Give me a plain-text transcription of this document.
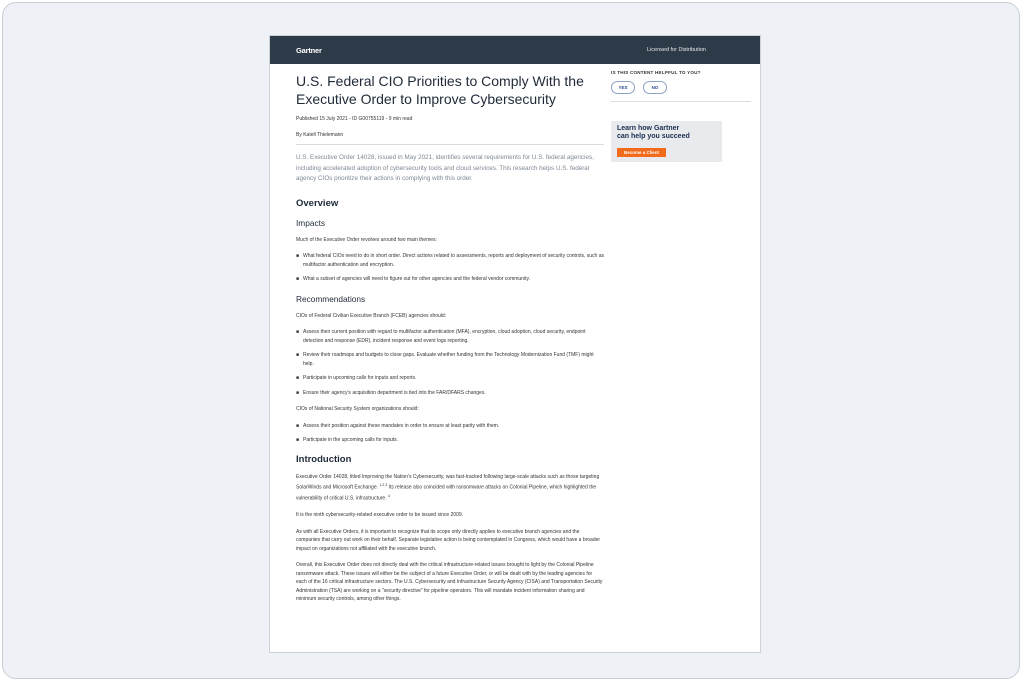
Gartner	Licensed for Distribution
U.S. Federal CIO Priorities to Comply With the Executive Order to Improve Cybersecurity
Published 15 July 2021 - ID G00755119 - 9 min read
By Katell Thielemann
U.S. Executive Order 14028, issued in May 2021, identifies several requirements for U.S. federal agencies, including accelerated adoption of cybersecurity tools and cloud services. This research helps U.S. federal agency CIOs prioritize their actions in complying with this order.
Overview
Impacts

Much of the Executive Order revolves around two main themes:

■ What federal CIOs need to do in short order. Direct actions related to assessments, reports and deployment of security controls, such as multifactor authentication and encryption.
■ What a subset of agencies will need to figure out for other agencies and the federal vendor community.
Recommendations

CIOs of Federal Civilian Executive Branch (FCEB) agencies should:

■ Assess their current position with regard to multifactor authentication (MFA), encryption, cloud adoption, cloud security, endpoint detection and response (EDR), incident response and event logs reporting.
■ Review their roadmaps and budgets to close gaps. Evaluate whether funding from the Technology Modernization Fund (TMF) might help.
■ Participate in upcoming calls for inputs and reports.
■ Ensure their agency's acquisition department is tied into the FAR/DFARS changes.

CIOs of National Security System organizations should:

■ Assess their position against these mandates in order to ensure at least parity with them.
■ Participate in the upcoming calls for inputs.
Introduction

Executive Order 14028, titled Improving the Nation's Cybersecurity, was fast-tracked following large-scale attacks such as those targeting SolarWinds and Microsoft Exchange. $^{1,2,3}$ Its release also coincided with ransomware attacks on Colonial Pipeline, which highlighted the vulnerability of critical U.S. infrastructure. $^4$

It is the ninth cybersecurity-related executive order to be issued since 2009.

As with all Executive Orders, it is important to recognize that its scope only directly applies to executive branch agencies and the companies that carry out work on their behalf. Separate legislative action is being contemplated in Congress, which would have a broader impact on organizations not affiliated with the executive branch.

Overall, this Executive Order does not directly deal with the critical infrastructure-related issues brought to light by the Colonial Pipeline ransomware attack. These issues will either be the subject of a future Executive Order, or will be dealt with by the leading agencies for each of the 16 critical infrastructure sectors. The U.S. Cybersecurity and Infrastructure Security Agency (CISA) and Transportation Security Administration (TSA) are working on a "security directive" for pipeline operators. This will mandate incident information sharing and minimum security controls, among other things.

IS THIS CONTENT HELPFUL TO YOU?
YES	NO
Learn how Gartner
can help you succeed
Become a Client
